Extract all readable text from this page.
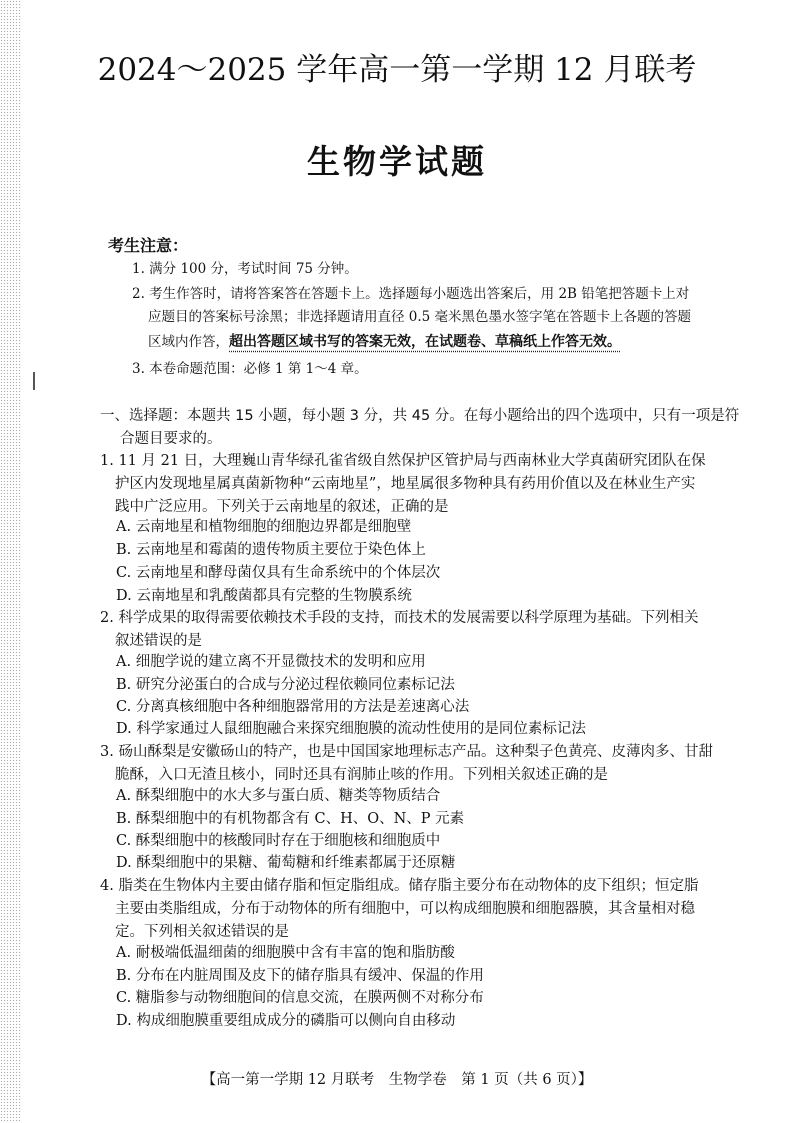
2024～2025 学年高一第一学期 12 月联考
生物学试题
考生注意：
1. 满分 100 分，考试时间 75 分钟。
2. 考生作答时，请将答案答在答题卡上。选择题每小题选出答案后，用 2B 铅笔把答题卡上对
应题目的答案标号涂黑；非选择题请用直径 0.5 毫米黑色墨水签字笔在答题卡上各题的答题
区域内作答，超出答题区域书写的答案无效，在试题卷、草稿纸上作答无效。
3. 本卷命题范围：必修 1 第 1～4 章。
一、选择题：本题共 15 小题，每小题 3 分，共 45 分。在每小题给出的四个选项中，只有一项是符
合题目要求的。
1. 11 月 21 日，大理巍山青华绿孔雀省级自然保护区管护局与西南林业大学真菌研究团队在保
护区内发现地星属真菌新物种“云南地星”，地星属很多物种具有药用价值以及在林业生产实
践中广泛应用。下列关于云南地星的叙述，正确的是
A. 云南地星和植物细胞的细胞边界都是细胞壁
B. 云南地星和霉菌的遗传物质主要位于染色体上
C. 云南地星和酵母菌仅具有生命系统中的个体层次
D. 云南地星和乳酸菌都具有完整的生物膜系统
2. 科学成果的取得需要依赖技术手段的支持，而技术的发展需要以科学原理为基础。下列相关
叙述错误的是
A. 细胞学说的建立离不开显微技术的发明和应用
B. 研究分泌蛋白的合成与分泌过程依赖同位素标记法
C. 分离真核细胞中各种细胞器常用的方法是差速离心法
D. 科学家通过人鼠细胞融合来探究细胞膜的流动性使用的是同位素标记法
3. 砀山酥梨是安徽砀山的特产，也是中国国家地理标志产品。这种梨子色黄亮、皮薄肉多、甘甜
脆酥，入口无渣且核小，同时还具有润肺止咳的作用。下列相关叙述正确的是
A. 酥梨细胞中的水大多与蛋白质、糖类等物质结合
B. 酥梨细胞中的有机物都含有 C、H、O、N、P 元素
C. 酥梨细胞中的核酸同时存在于细胞核和细胞质中
D. 酥梨细胞中的果糖、葡萄糖和纤维素都属于还原糖
4. 脂类在生物体内主要由储存脂和恒定脂组成。储存脂主要分布在动物体的皮下组织；恒定脂
主要由类脂组成，分布于动物体的所有细胞中，可以构成细胞膜和细胞器膜，其含量相对稳
定。下列相关叙述错误的是
A. 耐极端低温细菌的细胞膜中含有丰富的饱和脂肪酸
B. 分布在内脏周围及皮下的储存脂具有缓冲、保温的作用
C. 糖脂参与动物细胞间的信息交流，在膜两侧不对称分布
D. 构成细胞膜重要组成成分的磷脂可以侧向自由移动
【高一第一学期 12 月联考　生物学卷　第 1 页（共 6 页）】
